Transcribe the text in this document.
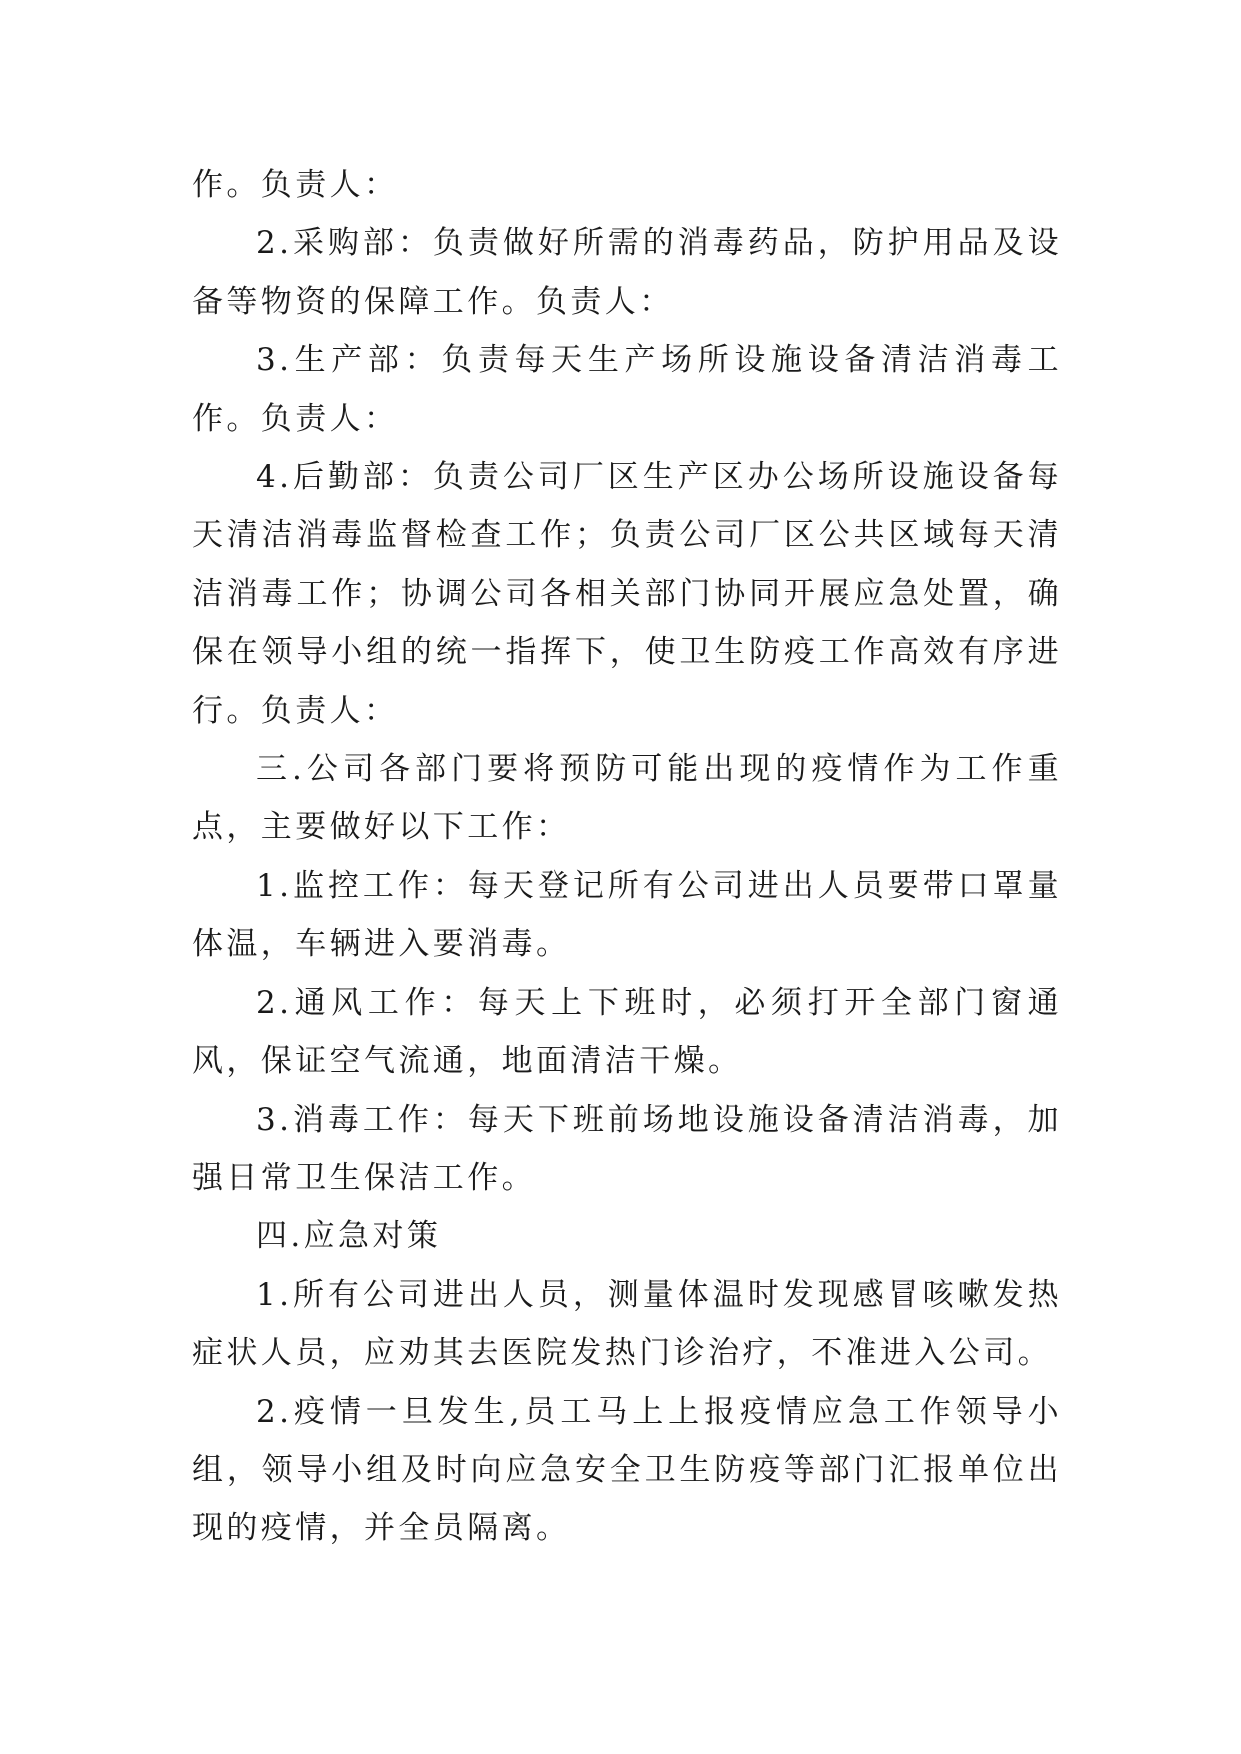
作。负责人：

2.采购部：负责做好所需的消毒药品，防护用品及设备等物资的保障工作。负责人：

3.生产部：负责每天生产场所设施设备清洁消毒工作。负责人：

4.后勤部：负责公司厂区生产区办公场所设施设备每天清洁消毒监督检查工作；负责公司厂区公共区域每天清洁消毒工作；协调公司各相关部门协同开展应急处置，确保在领导小组的统一指挥下，使卫生防疫工作高效有序进行。负责人：

三.公司各部门要将预防可能出现的疫情作为工作重点，主要做好以下工作：

1.监控工作：每天登记所有公司进出人员要带口罩量体温，车辆进入要消毒。

2.通风工作：每天上下班时，必须打开全部门窗通风，保证空气流通，地面清洁干燥。

3.消毒工作：每天下班前场地设施设备清洁消毒，加强日常卫生保洁工作。

四.应急对策

1.所有公司进出人员，测量体温时发现感冒咳嗽发热症状人员，应劝其去医院发热门诊治疗，不准进入公司。

2.疫情一旦发生,员工马上上报疫情应急工作领导小组，领导小组及时向应急安全卫生防疫等部门汇报单位出现的疫情，并全员隔离。
